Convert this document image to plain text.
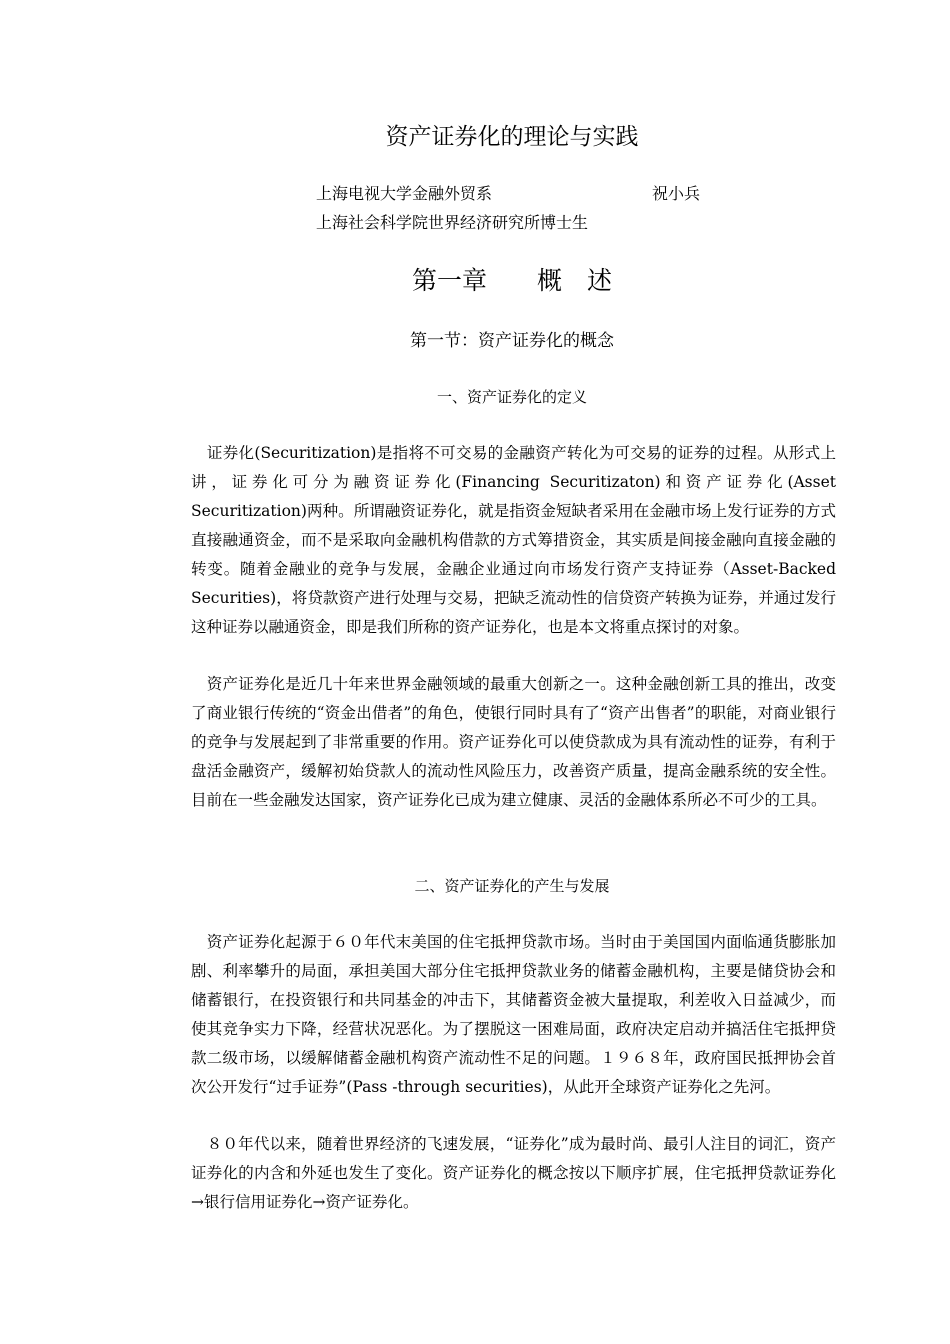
资产证券化的理论与实践
上海电视大学金融外贸系	祝小兵
上海社会科学院世界经济研究所博士生
第一章　　概　述
第一节：资产证券化的概念
一、资产证券化的定义
　证券化(Securitization)是指将不可交易的金融资产转化为可交易的证券的过程。从形式上讲，证券化可分为融资证券化(Financing Securitizaton)和资产证券化(Asset Securitization)两种。所谓融资证券化，就是指资金短缺者采用在金融市场上发行证券的方式直接融通资金，而不是采取向金融机构借款的方式筹措资金，其实质是间接金融向直接金融的转变。随着金融业的竞争与发展，金融企业通过向市场发行资产支持证券（Asset-Backed Securities)，将贷款资产进行处理与交易，把缺乏流动性的信贷资产转换为证券，并通过发行这种证券以融通资金，即是我们所称的资产证券化，也是本文将重点探讨的对象。
　资产证券化是近几十年来世界金融领域的最重大创新之一。这种金融创新工具的推出，改变了商业银行传统的“资金出借者”的角色，使银行同时具有了“资产出售者”的职能，对商业银行的竞争与发展起到了非常重要的作用。资产证券化可以使贷款成为具有流动性的证券，有利于盘活金融资产，缓解初始贷款人的流动性风险压力，改善资产质量，提高金融系统的安全性。目前在一些金融发达国家，资产证券化已成为建立健康、灵活的金融体系所必不可少的工具。
二、资产证券化的产生与发展
　资产证券化起源于６０年代末美国的住宅抵押贷款市场。当时由于美国国内面临通货膨胀加剧、利率攀升的局面，承担美国大部分住宅抵押贷款业务的储蓄金融机构，主要是储贷协会和储蓄银行，在投资银行和共同基金的冲击下，其储蓄资金被大量提取，利差收入日益减少，而使其竞争实力下降，经营状况恶化。为了摆脱这一困难局面，政府决定启动并搞活住宅抵押贷款二级市场，以缓解储蓄金融机构资产流动性不足的问题。１９６８年，政府国民抵押协会首次公开发行“过手证券”(Pass -through securities)，从此开全球资产证券化之先河。
　８０年代以来，随着世界经济的飞速发展，“证券化”成为最时尚、最引人注目的词汇，资产证券化的内含和外延也发生了变化。资产证券化的概念按以下顺序扩展，住宅抵押贷款证券化→银行信用证券化→资产证券化。
